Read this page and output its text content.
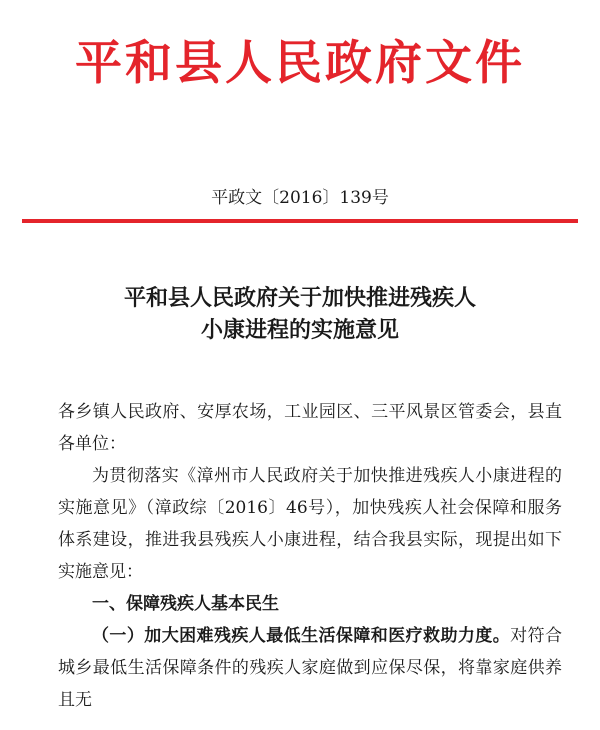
平和县人民政府文件
平政文〔2016〕139号
平和县人民政府关于加快推进残疾人
小康进程的实施意见

各乡镇人民政府、安厚农场，工业园区、三平风景区管委会，县直各单位：

为贯彻落实《漳州市人民政府关于加快推进残疾人小康进程的实施意见》（漳政综〔2016〕46号），加快残疾人社会保障和服务体系建设，推进我县残疾人小康进程，结合我县实际，现提出如下实施意见：

一、保障残疾人基本民生

（一）加大困难残疾人最低生活保障和医疗救助力度。对符合城乡最低生活保障条件的残疾人家庭做到应保尽保，将靠家庭供养且无
